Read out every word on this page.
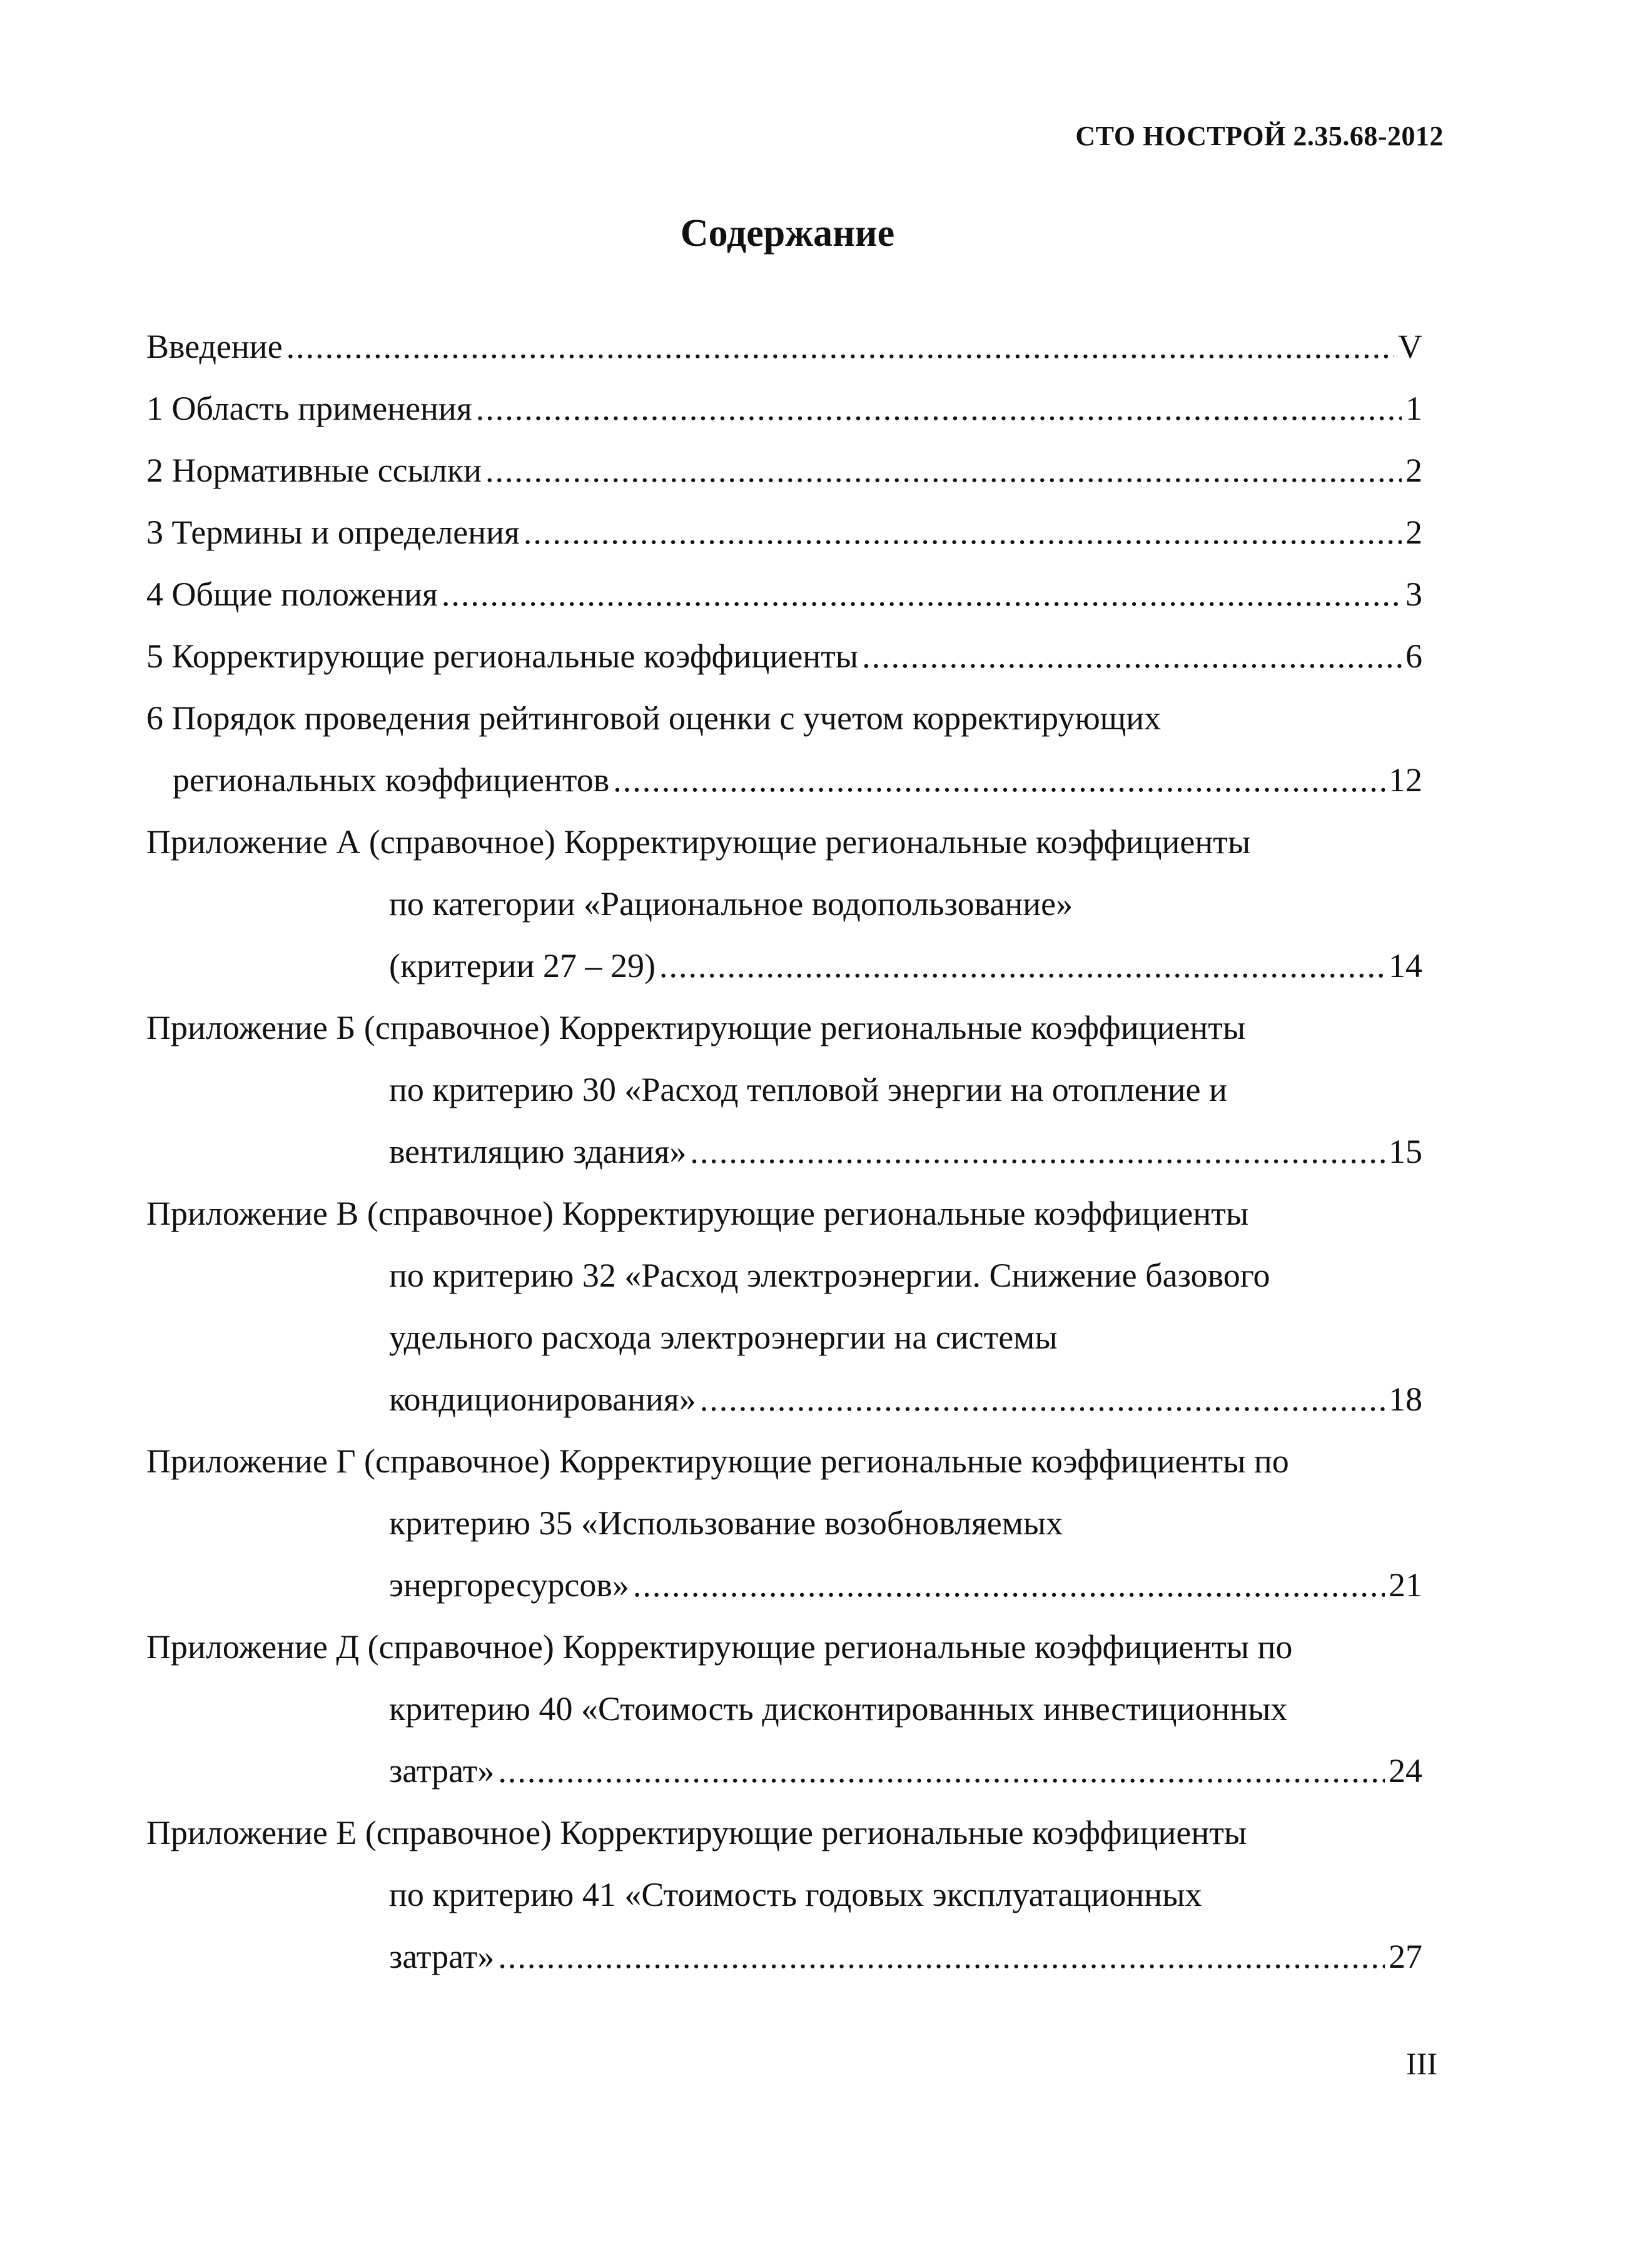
СТО НОСТРОЙ 2.35.68-2012
Содержание
Введение .....	V
1 Область применения .....	1
2 Нормативные ссылки .....	2
3 Термины и определения .....	2
4 Общие положения .....	3
5 Корректирующие региональные коэффициенты .....	6
6 Порядок проведения рейтинговой оценки с учетом корректирующих
региональных коэффициентов .....	12
Приложение А (справочное) Корректирующие региональные коэффициенты
по категории «Рациональное водопользование»
(критерии 27 – 29) .....	14
Приложение Б (справочное) Корректирующие региональные коэффициенты
по критерию 30 «Расход тепловой энергии на отопление и
вентиляцию здания» .....	15
Приложение В (справочное) Корректирующие региональные коэффициенты
по критерию 32 «Расход электроэнергии. Снижение базового
удельного расхода электроэнергии на системы
кондиционирования» .....	18
Приложение Г (справочное) Корректирующие региональные коэффициенты по
критерию 35 «Использование возобновляемых
энергоресурсов» .....	21
Приложение Д (справочное) Корректирующие региональные коэффициенты по
критерию 40 «Стоимость дисконтированных инвестиционных
затрат» .....	24
Приложение Е (справочное) Корректирующие региональные коэффициенты
по критерию 41 «Стоимость годовых эксплуатационных
затрат» .....	27
III
